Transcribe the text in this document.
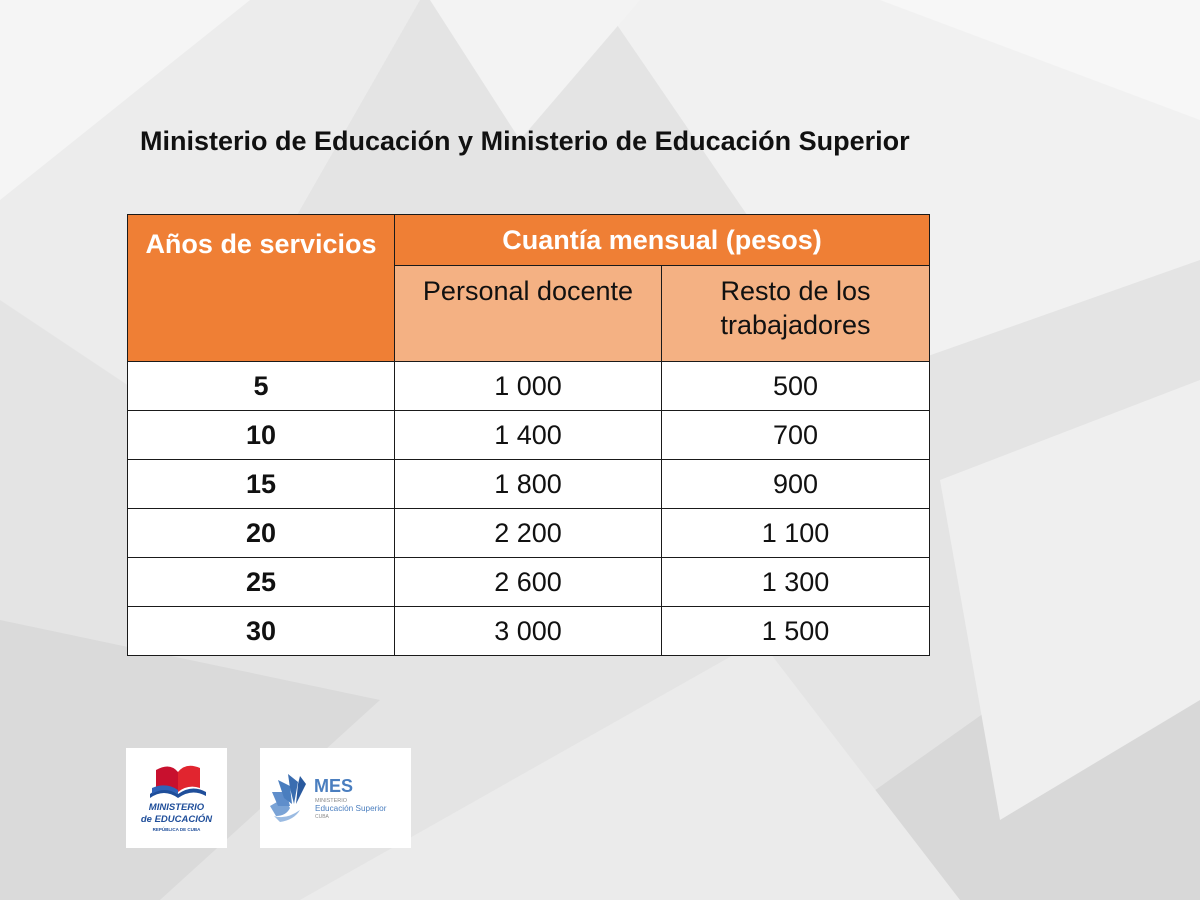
Ministerio de Educación y Ministerio de Educación Superior
Años de servicios	Cuantía mensual (pesos)	
	Personal docente	Resto de los trabajadores
5	1 000	500
10	1 400	700
15	1 800	900
20	2 200	1 100
25	2 600	1 300
30	3 000	1 500
MINISTERIO
de EDUCACIÓN
REPÚBLICA DE CUBA
MES
MINISTERIO
Educación Superior
CUBA
